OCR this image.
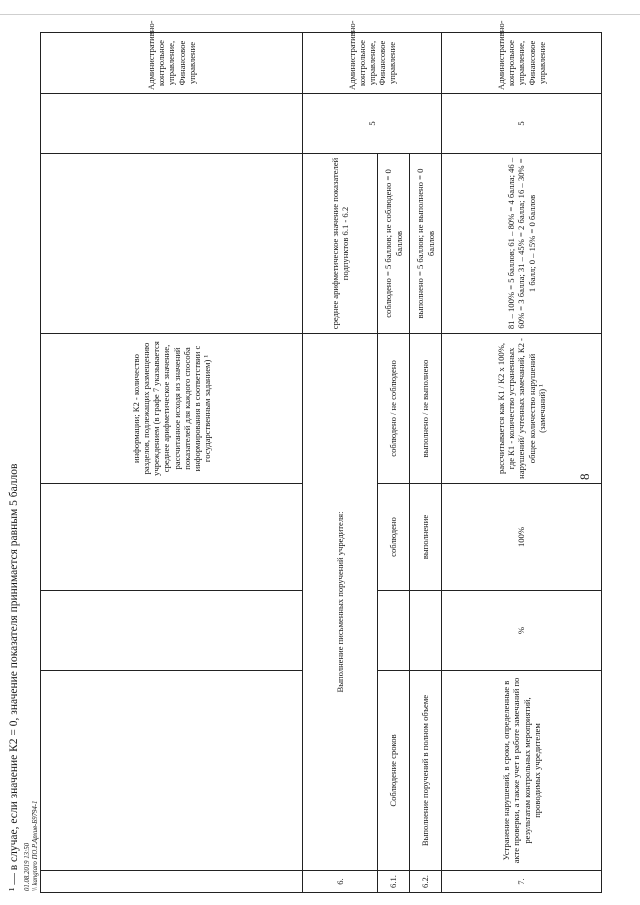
8
				информации; К2 - количество разделов, подлежащих размещению учреждением (в графе 7 указывается среднее арифметическое значение, рассчитанное исходя из значений показателей для каждого способа информирования в соответствии с государственным заданием) ¹			Административно-контрольное управление, Финансовое управление
6.	Выполнение письменных поручений учредителя:				среднее арифметическое значение показателей подпунктов 6.1 - 6.2	5	Административно-контрольное управление, Финансовое управление
6.1.	Соблюдение сроков		соблюдено	соблюдено / не соблюдено	соблюдено = 5 баллов; не соблюдено = 0 баллов		
6.2.	Выполнение поручений в полном объеме		выполнение	выполнено / не выполнено	выполнено = 5 баллов; не выполнено = 0 баллов		
7.	Устранение нарушений, в сроки, определенные в акте проверки, а также учет в работе замечаний по результатам контрольных мероприятий, проводимых учредителем	%	100%	рассчитывается как К1 / К2 х 100%, где К1 - количество устраненных нарушений/ учтенных замечаний, К2 - общее количество нарушений (замечаний) ¹	81 – 100% = 5 баллов; 61 – 80% = 4 балла; 46 – 60% = 3 балла; 31 – 45% = 2 балла; 16 – 30% = 1 балл; 0 – 15% = 0 баллов	5	Административно-контрольное управление, Финансовое управление
¹ — в случае, если значение К2 = 0, значение показателя принимается равным 5 баллов 01.08.2019 13:50 \\ kangtaro ПО.Р.Архив-Б9794-1
